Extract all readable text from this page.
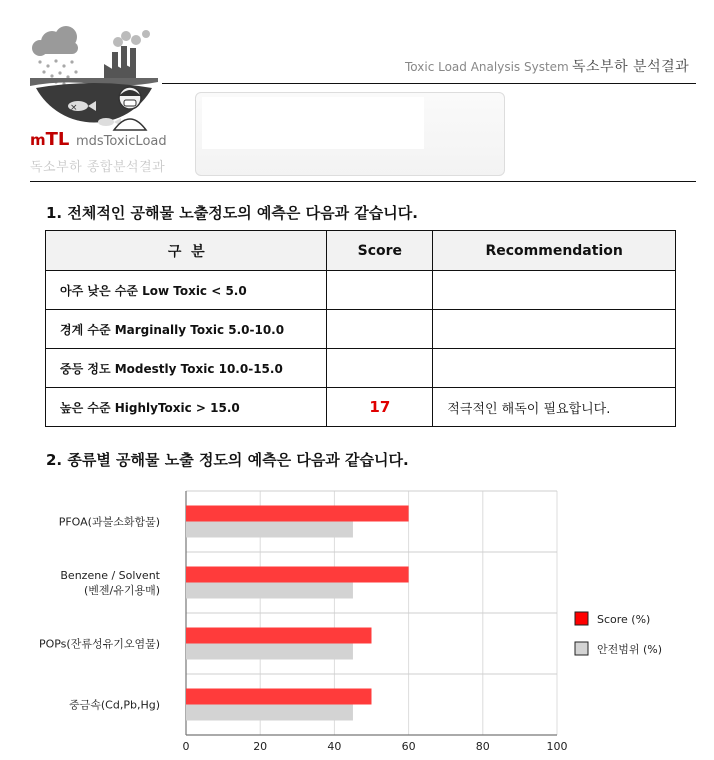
×
Toxic Load Analysis System 독소부하 분석결과
mTL mdsToxicLoad
독소부하 종합분석결과
1. 전체적인 공해물 노출정도의 예측은 다음과 같습니다.
구  분	Score	Recommendation
아주 낮은 수준 Low Toxic < 5.0		
경계 수준 Marginally Toxic 5.0-10.0		
중등 정도 Modestly Toxic 10.0-15.0		
높은 수준 HighlyToxic > 15.0	17	적극적인 해독이 필요합니다.
2. 종류별 공해물 노출 정도의 예측은 다음과 같습니다.
PFOA(과불소화합물)
Benzene / Solvent
(벤젠/유기용매)
POPs(잔류성유기오염물)
중금속(Cd,Pb,Hg)
0	20	40	60	80	100
Score (%)
안전범위 (%)
